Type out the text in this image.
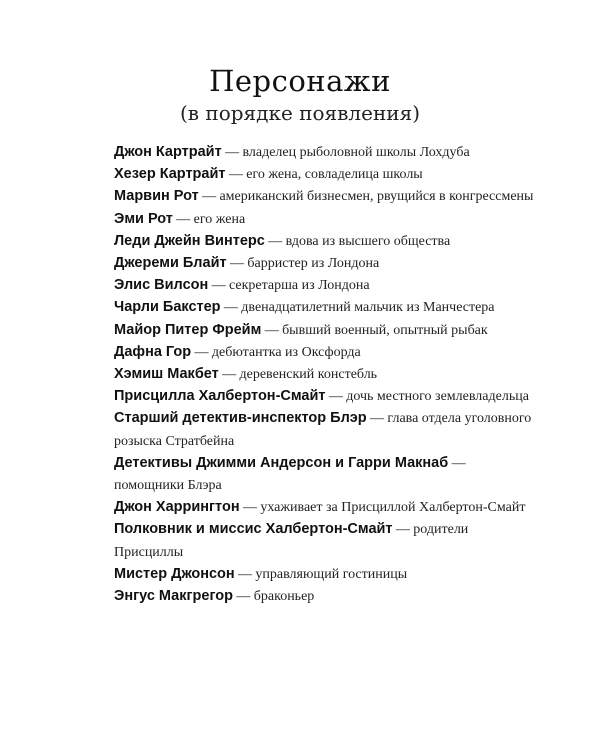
Персонажи
(в порядке появления)
Джон Картрайт — владелец рыболовной школы Лохдуба
Хезер Картрайт — его жена, совладелица школы
Марвин Рот — американский бизнесмен, рвущийся в конгрессмены
Эми Рот — его жена
Леди Джейн Винтерс — вдова из высшего общества
Джереми Блайт — барристер из Лондона
Элис Вилсон — секретарша из Лондона
Чарли Бакстер — двенадцатилетний мальчик из Манчестера
Майор Питер Фрейм — бывший военный, опытный рыбак
Дафна Гор — дебютантка из Оксфорда
Хэмиш Макбет — деревенский констебль
Присцилла Халбертон-Смайт — дочь местного землевладельца
Старший детектив-инспектор Блэр — глава отдела уголовного розыска Стратбейна
Детективы Джимми Андерсон и Гарри Макнаб — помощники Блэра
Джон Харрингтон — ухаживает за Присциллой Халбертон-Смайт
Полковник и миссис Халбертон-Смайт — родители Присциллы
Мистер Джонсон — управляющий гостиницы
Энгус Макгрегор — браконьер
